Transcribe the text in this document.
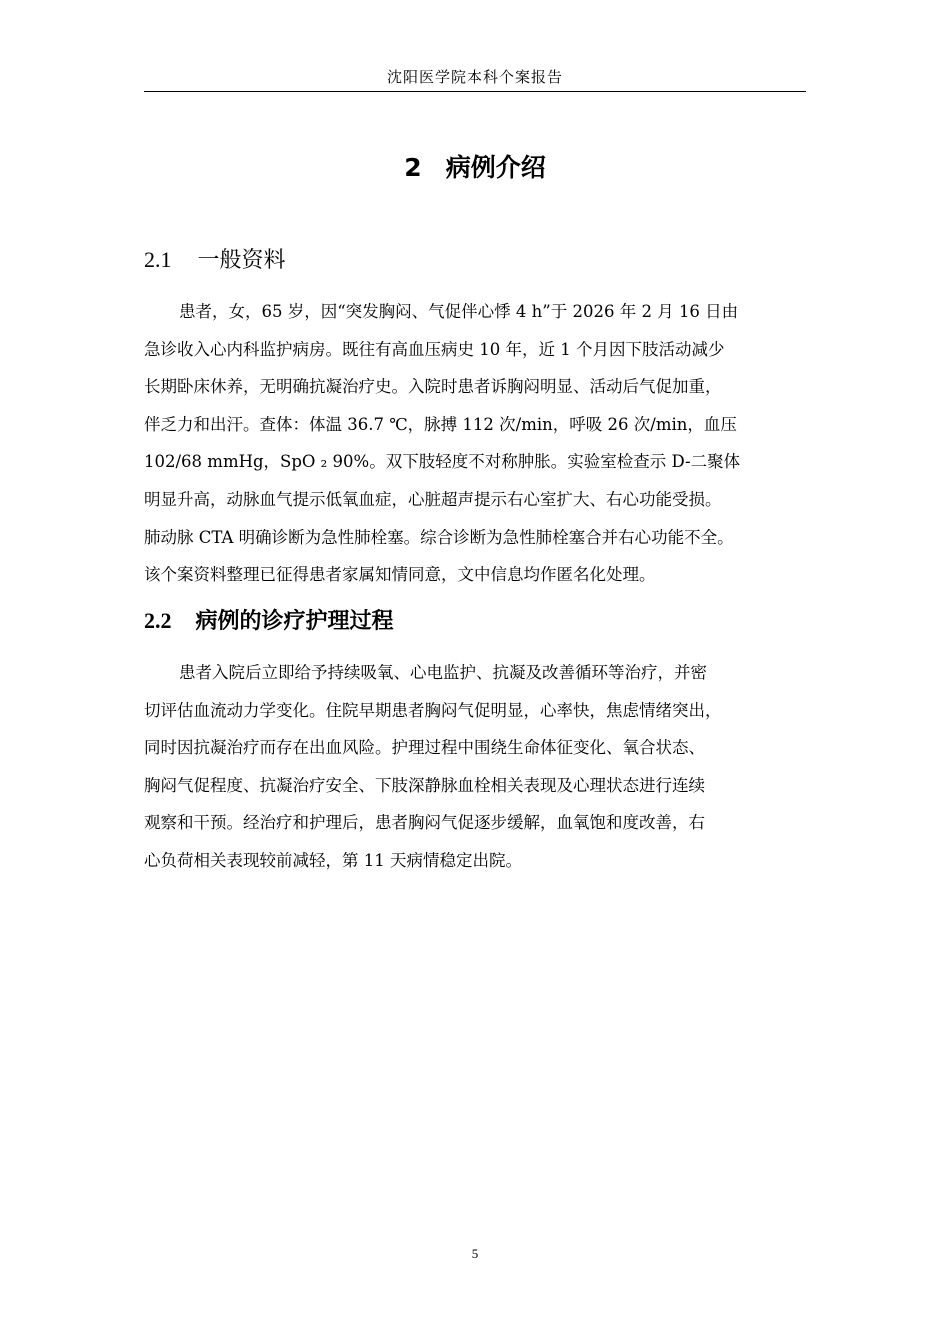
沈阳医学院本科个案报告
2 病例介绍
2.1 一般资料
患者，女，65 岁，因“突发胸闷、气促伴心悸 4 h”于 2026 年 2 月 16 日由
急诊收入心内科监护病房。既往有高血压病史 10 年，近 1 个月因下肢活动减少
长期卧床休养，无明确抗凝治疗史。入院时患者诉胸闷明显、活动后气促加重，
伴乏力和出汗。查体：体温 36.7 ℃，脉搏 112 次/min，呼吸 26 次/min，血压
102/68 mmHg，SpO ₂ 90%。双下肢轻度不对称肿胀。实验室检查示 D-二聚体
明显升高，动脉血气提示低氧血症，心脏超声提示右心室扩大、右心功能受损。
肺动脉 CTA 明确诊断为急性肺栓塞。综合诊断为急性肺栓塞合并右心功能不全。
该个案资料整理已征得患者家属知情同意，文中信息均作匿名化处理。
2.2 病例的诊疗护理过程
患者入院后立即给予持续吸氧、心电监护、抗凝及改善循环等治疗，并密
切评估血流动力学变化。住院早期患者胸闷气促明显，心率快，焦虑情绪突出，
同时因抗凝治疗而存在出血风险。护理过程中围绕生命体征变化、氧合状态、
胸闷气促程度、抗凝治疗安全、下肢深静脉血栓相关表现及心理状态进行连续
观察和干预。经治疗和护理后，患者胸闷气促逐步缓解，血氧饱和度改善，右
心负荷相关表现较前减轻，第 11 天病情稳定出院。
5
